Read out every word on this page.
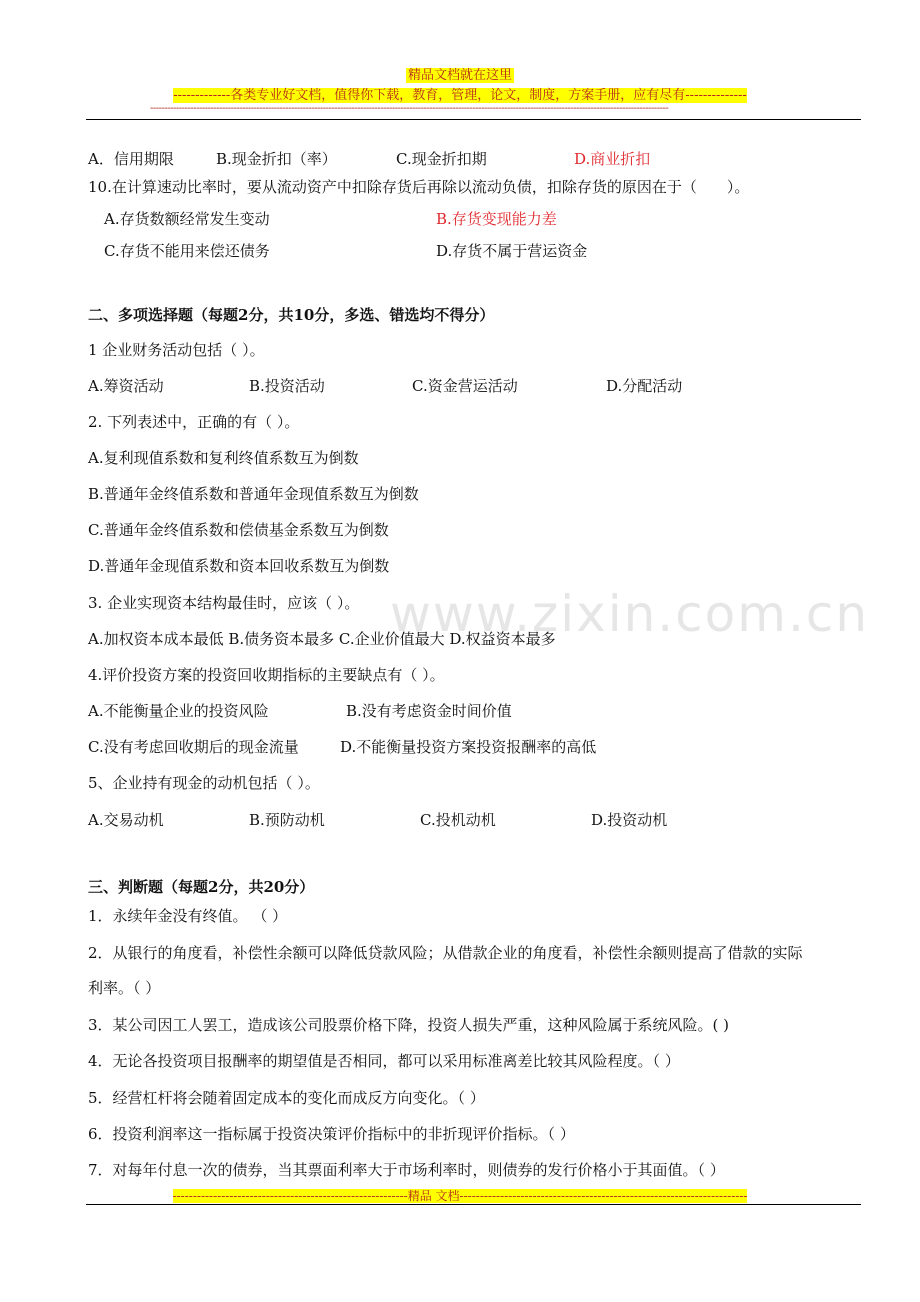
精品文档就在这里
-------------各类专业好文档，值得你下载，教育，管理，论文，制度，方案手册，应有尽有--------------
------------------------------------------------------------------------------------------------------------------------------------------------------------------------------------
www.zixin.com.cn
A．信用期限	B.现金折扣（率）	C.现金折扣期	D.商业折扣
10.在计算速动比率时，要从流动资产中扣除存货后再除以流动负债，扣除存货的原因在于（　　）。
A.存货数额经常发生变动	B.存货变现能力差
C.存货不能用来偿还债务	D.存货不属于营运资金
二、多项选择题（每题2分，共10分，多选、错选均不得分）
1 企业财务活动包括（ ）。
A.筹资活动	B.投资活动	C.资金营运活动	D.分配活动
2. 下列表述中，正确的有（ ）。
A.复利现值系数和复利终值系数互为倒数
B.普通年金终值系数和普通年金现值系数互为倒数
C.普通年金终值系数和偿债基金系数互为倒数
D.普通年金现值系数和资本回收系数互为倒数
3. 企业实现资本结构最佳时，应该（ ）。
A.加权资本成本最低 B.债务资本最多 C.企业价值最大 D.权益资本最多
4.评价投资方案的投资回收期指标的主要缺点有（ ）。
A.不能衡量企业的投资风险	B.没有考虑资金时间价值
C.没有考虑回收期后的现金流量	D.不能衡量投资方案投资报酬率的高低
5、企业持有现金的动机包括（ ）。
A.交易动机	B.预防动机	C.投机动机	D.投资动机
三、判断题（每题2分，共20分）
1．永续年金没有终值。 （ ）
2．从银行的角度看，补偿性余额可以降低贷款风险；从借款企业的角度看，补偿性余额则提高了借款的实际
利率。（ ）
3．某公司因工人罢工，造成该公司股票价格下降，投资人损失严重，这种风险属于系统风险。( )
4．无论各投资项目报酬率的期望值是否相同，都可以采用标准离差比较其风险程度。（ ）
5．经营杠杆将会随着固定成本的变化而成反方向变化。（ ）
6．投资利润率这一指标属于投资决策评价指标中的非折现评价指标。（ ）
7．对每年付息一次的债券，当其票面利率大于市场利率时，则债券的发行价格小于其面值。（ ）
----------------------------------------------------------精品 文档-----------------------------------------------------------------------
